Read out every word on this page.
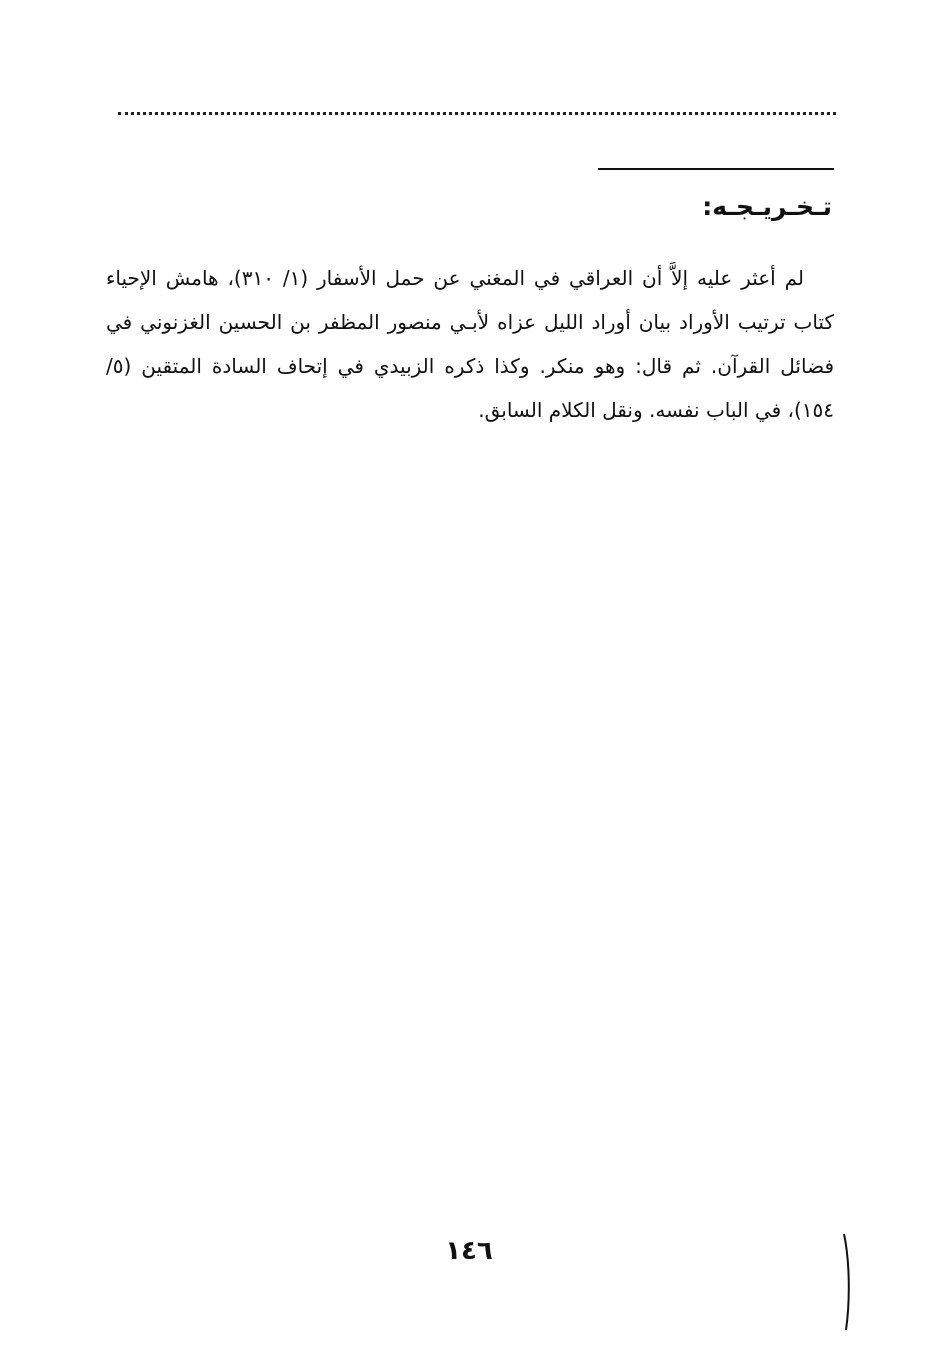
تـخـريـجـه:

لم أعثر عليه إلاَّ أن العراقي في المغني عن حمل الأسفار (١/ ٣١٠)، هامش الإحياء كتاب ترتيب الأوراد بيان أوراد الليل عزاه لأبـي منصور المظفر بن الحسين الغزنوني في فضائل القرآن. ثم قال: وهو منكر. وكذا ذكره الزبيدي في إتحاف السادة المتقين (٥/ ١٥٤)، في الباب نفسه. ونقل الكلام السابق.

١٤٦
